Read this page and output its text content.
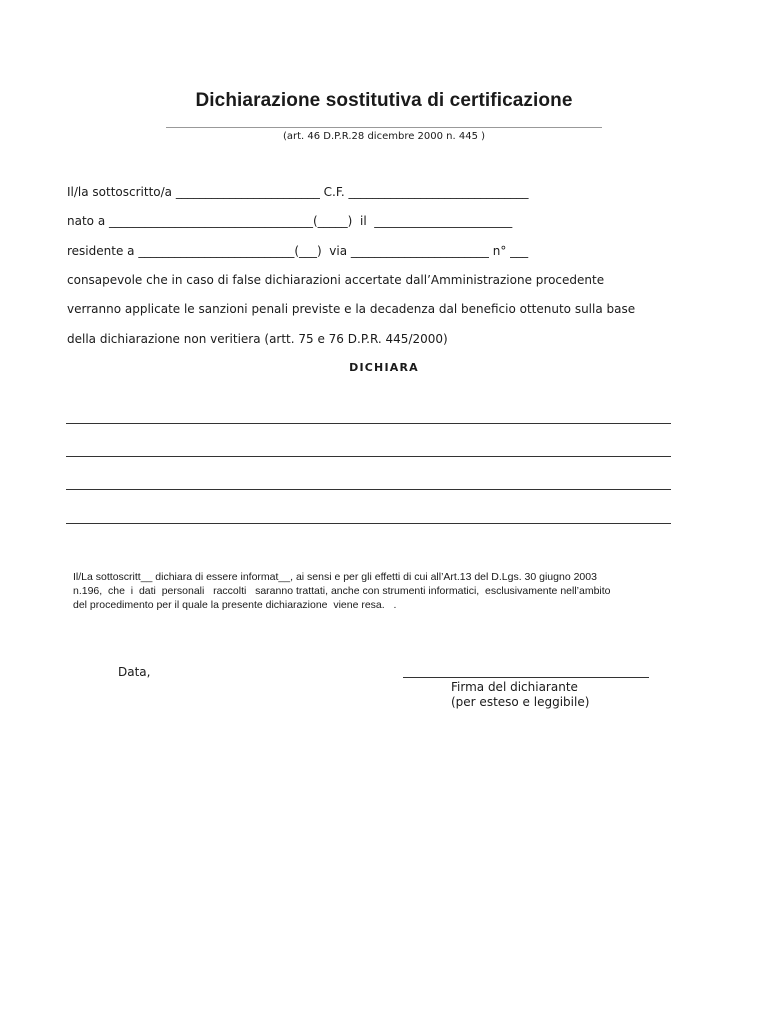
Dichiarazione sostitutiva di certificazione
(art. 46 D.P.R.28 dicembre 2000 n. 445 )
Il/la sottoscritto/a ________________________ C.F. ______________________________
nato a __________________________________(_____)  il  _______________________
residente a __________________________(___)  via _______________________ n° ___
consapevole che in caso di false dichiarazioni accertate dall’Amministrazione procedente
verranno applicate le sanzioni penali previste e la decadenza dal beneficio ottenuto sulla base
della dichiarazione non veritiera (artt. 75 e 76 D.P.R. 445/2000)
DICHIARA

Il/La sottoscritt__ dichiara di essere informat__, ai sensi e per gli effetti di cui all’Art.13 del D.Lgs. 30 giugno 2003
n.196,  che  i  dati  personali   raccolti   saranno trattati, anche con strumenti informatici,  esclusivamente nell’ambito
del procedimento per il quale la presente dichiarazione  viene resa.   .

Data,
Firma del dichiarante
(per esteso e leggibile)
